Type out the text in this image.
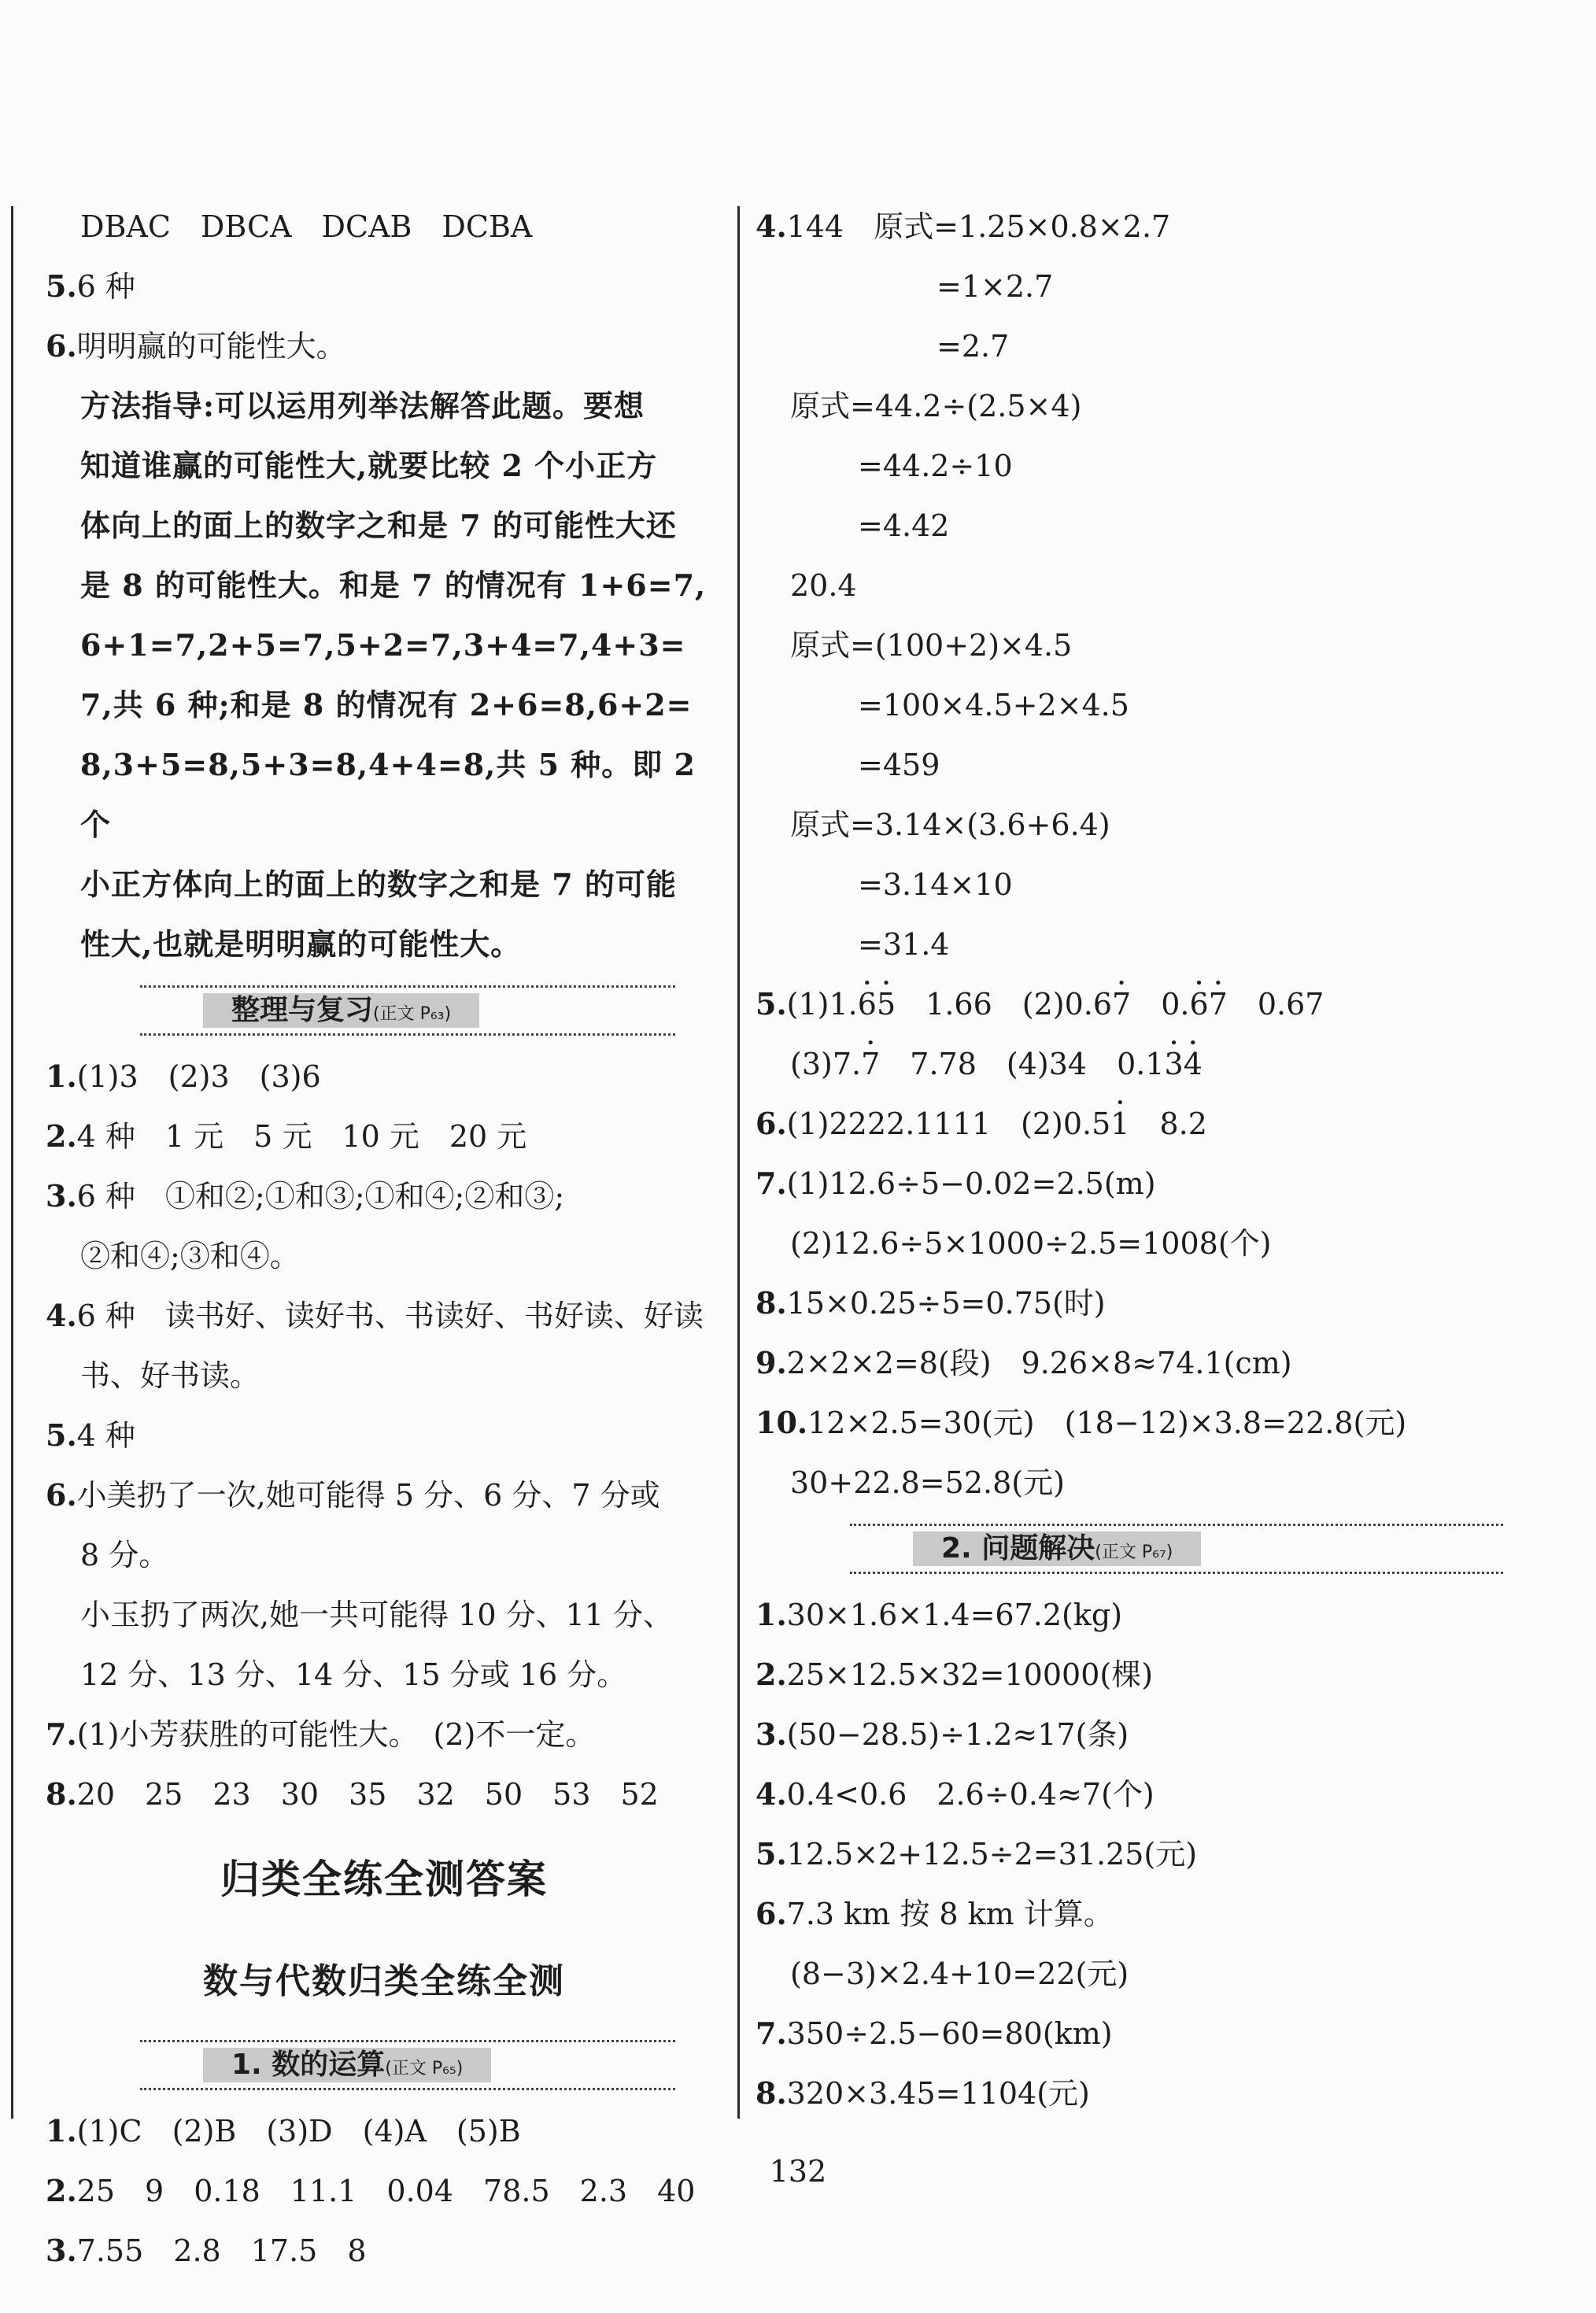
DBAC　DBCA　DCAB　DCBA
5.6 种
6.明明赢的可能性大。
方法指导:可以运用列举法解答此题。要想
知道谁赢的可能性大,就要比较 2 个小正方
体向上的面上的数字之和是 7 的可能性大还
是 8 的可能性大。和是 7 的情况有 1+6=7,
6+1=7,2+5=7,5+2=7,3+4=7,4+3=
7,共 6 种;和是 8 的情况有 2+6=8,6+2=
8,3+5=8,5+3=8,4+4=8,共 5 种。即 2 个
小正方体向上的面上的数字之和是 7 的可能
性大,也就是明明赢的可能性大。
整理与复习(正文 P₆₃)
1.(1)3　(2)3　(3)6
2.4 种　1 元　5 元　10 元　20 元
3.6 种　①和②;①和③;①和④;②和③;
②和④;③和④。
4.6 种　读书好、读好书、书读好、书好读、好读
书、好书读。
5.4 种
6.小美扔了一次,她可能得 5 分、6 分、7 分或
8 分。
小玉扔了两次,她一共可能得 10 分、11 分、
12 分、13 分、14 分、15 分或 16 分。
7.(1)小芳获胜的可能性大。　(2)不一定。
8.20　25　23　30　35　32　50　53　52
归类全练全测答案
数与代数归类全练全测
1. 数的运算(正文 P₆₅)
1.(1)C　(2)B　(3)D　(4)A　(5)B
2.25　9　0.18　11.1　0.04　78.5　2.3　40
3.7.55　2.8　17.5　8
4.144　原式=1.25×0.8×2.7
=1×2.7
=2.7
原式=44.2÷(2.5×4)
=44.2÷10
=4.42
20.4
原式=(100+2)×4.5
=100×4.5+2×4.5
=459
原式=3.14×(3.6+6.4)
=3.14×10
=31.4
5.(1)1.• 6• 5　1.66　(2)0.6• 7　0.• 6• 7　0.67
(3)7.• 7　7.78　(4)34　0.1• 3• 4
6.(1)2222.1111　(2)0.5• 1　8.2
7.(1)12.6÷5−0.02=2.5(m)
(2)12.6÷5×1000÷2.5=1008(个)
8.15×0.25÷5=0.75(时)
9.2×2×2=8(段)　9.26×8≈74.1(cm)
10.12×2.5=30(元)　(18−12)×3.8=22.8(元)
30+22.8=52.8(元)
2. 问题解决(正文 P₆₇)
1.30×1.6×1.4=67.2(kg)
2.25×12.5×32=10000(棵)
3.(50−28.5)÷1.2≈17(条)
4.0.4<0.6　2.6÷0.4≈7(个)
5.12.5×2+12.5÷2=31.25(元)
6.7.3 km 按 8 km 计算。
(8−3)×2.4+10=22(元)
7.350÷2.5−60=80(km)
8.320×3.45=1104(元)
132
